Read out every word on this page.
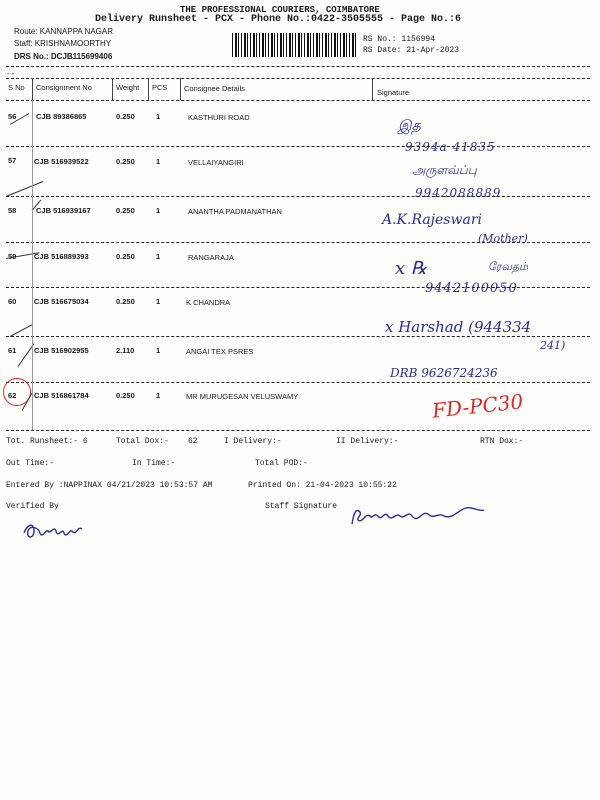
THE PROFESSIONAL COURIERS, COIMBATORE
Delivery Runsheet - PCX - Phone No.:0422-3505555 - Page No.:6
Route: KANNAPPA NAGAR
Staff: KRISHNAMOORTHY
DRS No.: DCJB115699406
RS No.: 1156994
RS Date: 21-Apr-2023
--
S No Consignment No	Weight PCS Consignee Details	Signature
56	CJB 89386865	0.250	1	KASTHURI ROAD
இத
9394a 41835
57 CJB 516939522	0.250	1	VELLAIYANGIRI
அருளவ்ப்பு
9942088889
58	CJB 516939167	0.250	1	ANANTHA PADMANATHAN
A.K.Rajeswari
(Mother)
59 CJB 516889393	0.250	1	RANGARAJA
x ℞	ரேவதம்
9442100050
60 CJB 516675034	0.250	1	K CHANDRA
x Harshad (944334
241)
61 CJB 516902955	2.110	1	ANGAI TEX PSRES
DRB 9626724236
62 CJB 516861784	0.250	1	MR MURUGESAN VELUSWAMY	FD-PC30
Tot. Runsheet:- 6	Total Dox:- 62	I Delivery:-	II Delivery:-	RTN Dox:-
Out Time:-	In Time:-	Total POD:-
Entered By :NAPPINAX 04/21/2023 10:53:57 AM	Printed On: 21-04-2023 10:55:22
Verified By	Staff Signature
